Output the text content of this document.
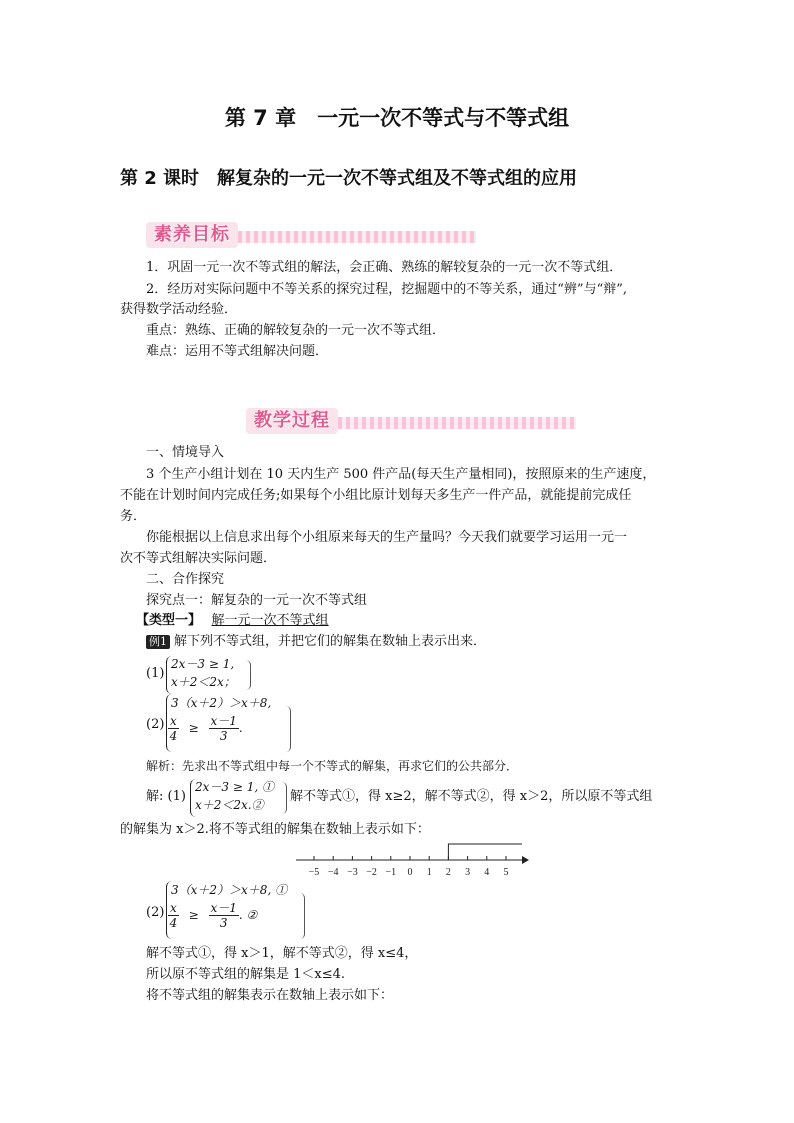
第 7 章　一元一次不等式与不等式组
第 2 课时　解复杂的一元一次不等式组及不等式组的应用
素养目标
1．巩固一元一次不等式组的解法，会正确、熟练的解较复杂的一元一次不等式组．
2．经历对实际问题中不等关系的探究过程，挖掘题中的不等关系，通过“辨”与“辩”,
获得数学活动经验．
重点：熟练、正确的解较复杂的一元一次不等式组．
难点：运用不等式组解决问题．
教学过程
一、情境导入
3 个生产小组计划在 10 天内生产 500 件产品(每天生产量相同)，按照原来的生产速度，
不能在计划时间内完成任务;如果每个小组比原计划每天多生产一件产品，就能提前完成任
务．
你能根据以上信息求出每个小组原来每天的生产量吗？今天我们就要学习运用一元一
次不等式组解决实际问题．
二、合作探究
探究点一：解复杂的一元一次不等式组
【类型一】 解一元一次不等式组
例1 解下列不等式组，并把它们的解集在数轴上表示出来．
(1)
2x－3 ≥ 1,
x＋2＜2x；
(2)
3（x＋2）＞x＋8,
$\frac{x}{4} \ge \frac{x-1}{3}$ .
解析：先求出不等式组中每一个不等式的解集，再求它们的公共部分．
解: (1)
2x－3 ≥ 1, ①
x＋2＜2x.②
解不等式①，得 x≥2，解不等式②，得 x＞2，所以原不等式组
的解集为 x＞2.将不等式组的解集在数轴上表示如下：
−5 −4 −3 −2 −1 0 1 2 3 4 5
(2)
3（x＋2）＞x＋8, ①
$\frac{x}{4} \ge \frac{x-1}{3}$ . ②
解不等式①，得 x＞1，解不等式②，得 x≤4，
所以原不等式组的解集是 1＜x≤4.
将不等式组的解集表示在数轴上表示如下：
